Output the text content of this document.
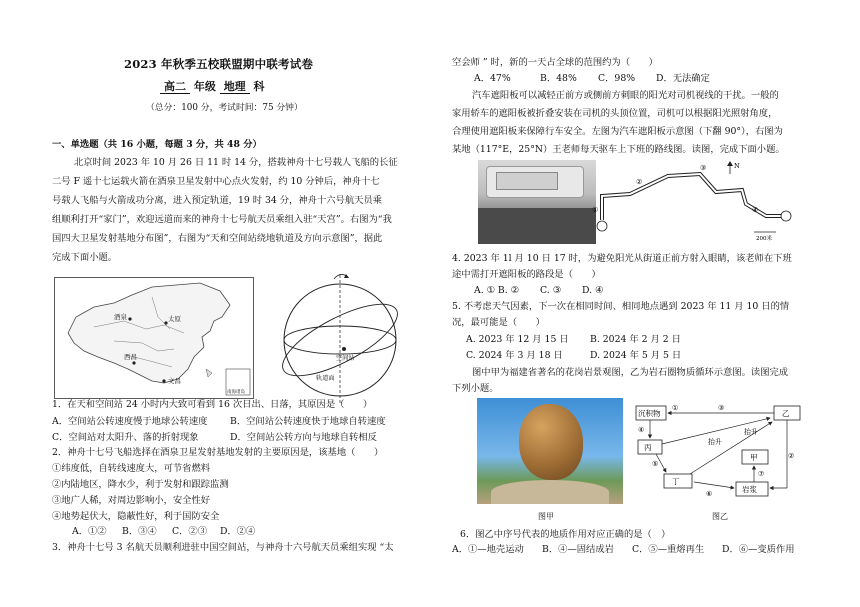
2023 年秋季五校联盟期中联考试卷
高二 年级 地理 科
（总分：100 分，考试时间：75 分钟）
一、单选题（共 16 小题，每题 3 分，共 48 分）
北京时间 2023 年 10 月 26 日 11 时 14 分，搭载神舟十七号载人飞船的长征
二号 F 遥十七运载火箭在酒泉卫星发射中心点火发射，约 10 分钟后，神舟十七
号载人飞船与火箭成功分离，进入预定轨道，19 时 34 分，神舟十六号航天员乘
组顺利打开“家门”，欢迎远道而来的神舟十七号航天员乘组入驻“天宫”。右图为“我
国四大卫星发射基地分布图”，右图为“天和空间站绕地轨道及方向示意图”，据此
完成下面小题。
酒泉	太原
西昌
文昌
南海诸岛
空间站
轨道面
1．在天和空间站 24 小时内大致可看到 16 次日出、日落，其原因是（　　）
A．空间站公转速度慢于地球公转速度 B．空间站公转速度快于地球自转速度
C．空间站对太阳升、落的折射现象	D．空间站公转方向与地球自转相反
2．神舟十七号飞船选择在酒泉卫星发射基地发射的主要原因是，该基地（　　）
①纬度低，自转线速度大，可节省燃料
②内陆地区，降水少，利于发射和跟踪监测
③地广人稀，对周边影响小，安全性好
④地势起伏大，隐蔽性好，利于国防安全
A．①② B．③④ C．②③ D．②④
3．神舟十七号 3 名航天员顺利进驻中国空间站，与神舟十六号航天员乘组实现 “太
空会师 ” 时，新的一天占全球的范围约为（　　）
A．47%	B．48% C．98% D．无法确定
汽车遮阳板可以减轻正前方或侧前方刺眼的阳光对司机视线的干扰。一般的
家用轿车的遮阳板被折叠安装在司机的头顶位置，司机可以根据阳光照射角度，
合理使用遮阳板来保障行车安全。左图为汽车遮阳板示意图（下翻 90°），右图为
某地（117°E，25°N）王老师每天驱车上下班的路线图。读图，完成下面小题。
①
②
③
④
N
200米
4. 2023 年 1l 月 10 日 17 时，为避免阳光从街道正前方射入眼睛，该老师在下班
途中需打开遮阳板的路段是（　　）
A. ① B. ② C. ③ D. ④
5. 不考虑天气因素，下一次在相同时间、相同地点遇到 2023 年 11 月 10 日的情
况，最可能是（　　）
A. 2023 年 12 月 15 日 B. 2024 年 2 月 2 日
C. 2024 年 3 月 18 日	D. 2024 年 5 月 5 日
图中甲为福建省著名的花岗岩景观图，乙为岩石圈物质循环示意图。读图完成
下列小题。
图甲
沉积物
丙
乙
甲
丁
岩浆
抬升
抬升
④
①	③
⑤
⑥
②
⑦
图乙
6．图乙中序号代表的地质作用对应正确的是（　）
A．①—地壳运动 B．④—固结成岩 C．⑤—重熔再生 D．⑥—变质作用
